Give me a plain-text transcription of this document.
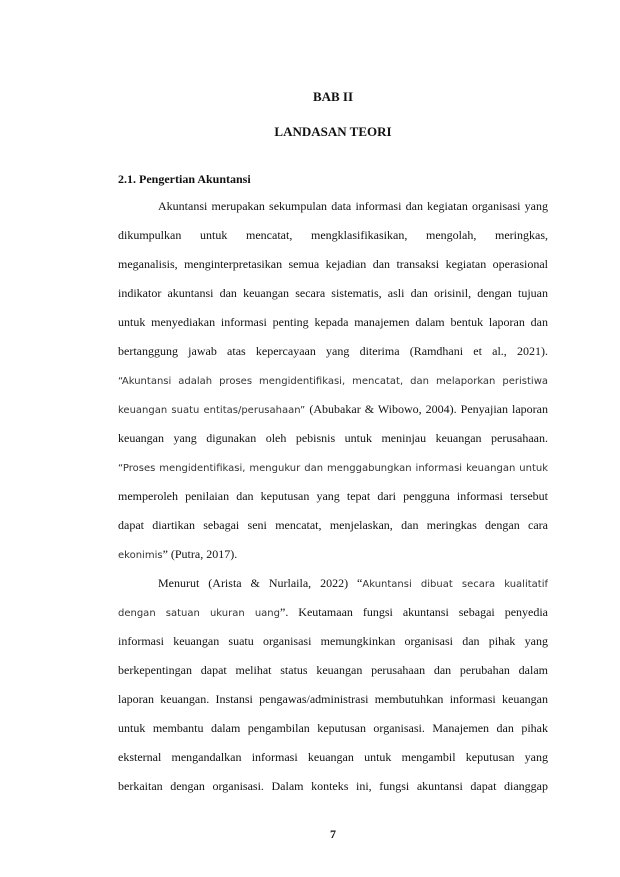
BAB II
LANDASAN TEORI
2.1. Pengertian Akuntansi
Akuntansi merupakan sekumpulan data informasi dan kegiatan organisasi yang
dikumpulkan untuk mencatat, mengklasifikasikan, mengolah, meringkas,
meganalisis, menginterpretasikan semua kejadian dan transaksi kegiatan operasional
indikator akuntansi dan keuangan secara sistematis, asli dan orisinil, dengan tujuan
untuk menyediakan informasi penting kepada manajemen dalam bentuk laporan dan
bertanggung jawab atas kepercayaan yang diterima (Ramdhani et al., 2021).
“Akuntansi adalah proses mengidentifikasi, mencatat, dan melaporkan peristiwa
keuangan suatu entitas/perusahaan” (Abubakar & Wibowo, 2004). Penyajian laporan
keuangan yang digunakan oleh pebisnis untuk meninjau keuangan perusahaan.
“Proses mengidentifikasi, mengukur dan menggabungkan informasi keuangan untuk
memperoleh penilaian dan keputusan yang tepat dari pengguna informasi tersebut
dapat diartikan sebagai seni mencatat, menjelaskan, dan meringkas dengan cara
ekonimis” (Putra, 2017).
Menurut (Arista & Nurlaila, 2022) “Akuntansi dibuat secara kualitatif
dengan satuan ukuran uang”. Keutamaan fungsi akuntansi sebagai penyedia
informasi keuangan suatu organisasi memungkinkan organisasi dan pihak yang
berkepentingan dapat melihat status keuangan perusahaan dan perubahan dalam
laporan keuangan. Instansi pengawas/administrasi membutuhkan informasi keuangan
untuk membantu dalam pengambilan keputusan organisasi. Manajemen dan pihak
eksternal mengandalkan informasi keuangan untuk mengambil keputusan yang
berkaitan dengan organisasi. Dalam konteks ini, fungsi akuntansi dapat dianggap
7
